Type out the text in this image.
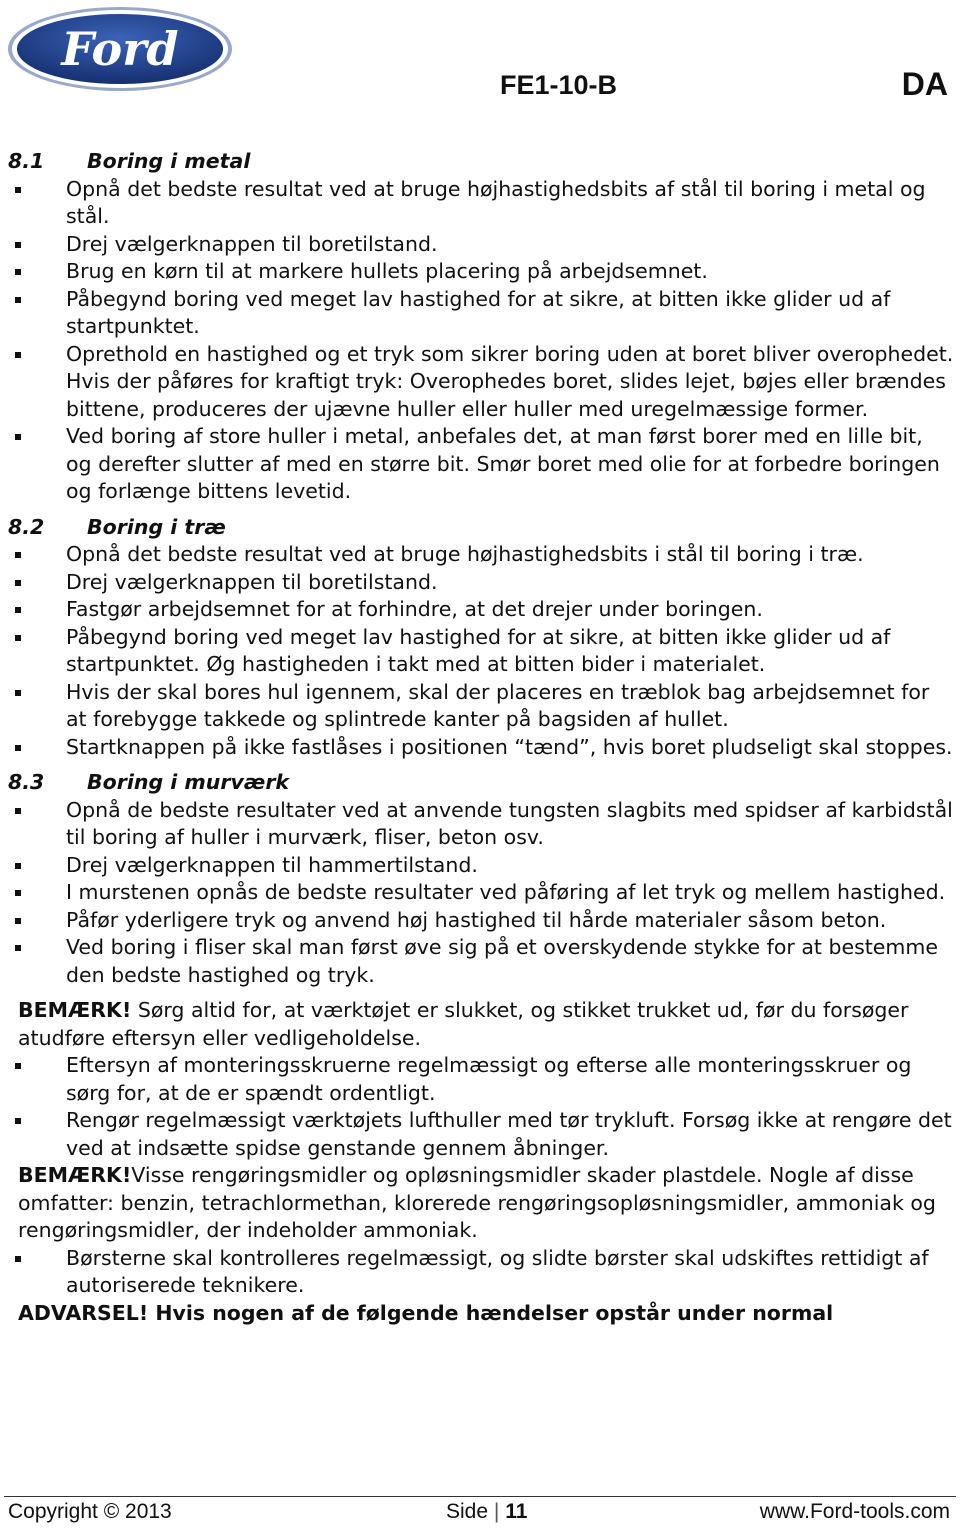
Ford
FE1-10-B	DA
8.1 Boring i metal
Opnå det bedste resultat ved at bruge højhastighedsbits af stål til boring i metal og stål.
Drej vælgerknappen til boretilstand.
Brug en kørn til at markere hullets placering på arbejdsemnet.
Påbegynd boring ved meget lav hastighed for at sikre, at bitten ikke glider ud af startpunktet.
Oprethold en hastighed og et tryk som sikrer boring uden at boret bliver overophedet. Hvis der påføres for kraftigt tryk: Overophedes boret, slides lejet, bøjes eller brændes bittene, produceres der ujævne huller eller huller med uregelmæssige former.
Ved boring af store huller i metal, anbefales det, at man først borer med en lille bit, og derefter slutter af med en større bit. Smør boret med olie for at forbedre boringen og forlænge bittens levetid.
8.2 Boring i træ
Opnå det bedste resultat ved at bruge højhastighedsbits i stål til boring i træ.
Drej vælgerknappen til boretilstand.
Fastgør arbejdsemnet for at forhindre, at det drejer under boringen.
Påbegynd boring ved meget lav hastighed for at sikre, at bitten ikke glider ud af startpunktet. Øg hastigheden i takt med at bitten bider i materialet.
Hvis der skal bores hul igennem, skal der placeres en træblok bag arbejdsemnet for at forebygge takkede og splintrede kanter på bagsiden af hullet.
Startknappen på ikke fastlåses i positionen “tænd”, hvis boret pludseligt skal stoppes.
8.3 Boring i murværk
Opnå de bedste resultater ved at anvende tungsten slagbits med spidser af karbidstål til boring af huller i murværk, fliser, beton osv.
Drej vælgerknappen til hammertilstand.
I murstenen opnås de bedste resultater ved påføring af let tryk og mellem hastighed.
Påfør yderligere tryk og anvend høj hastighed til hårde materialer såsom beton.
Ved boring i fliser skal man først øve sig på et overskydende stykke for at bestemme den bedste hastighed og tryk.

BEMÆRK! Sørg altid for, at værktøjet er slukket, og stikket trukket ud, før du forsøger atudføre eftersyn eller vedligeholdelse.

Eftersyn af monteringsskruerne regelmæssigt og efterse alle monteringsskruer og sørg for, at de er spændt ordentligt.
Rengør regelmæssigt værktøjets lufthuller med tør trykluft. Forsøg ikke at rengøre det ved at indsætte spidse genstande gennem åbninger.

BEMÆRK!Visse rengøringsmidler og opløsningsmidler skader plastdele. Nogle af disse omfatter: benzin, tetrachlormethan, klorerede rengøringsopløsningsmidler, ammoniak og rengøringsmidler, der indeholder ammoniak.

Børsterne skal kontrolleres regelmæssigt, og slidte børster skal udskiftes rettidigt af autoriserede teknikere.
ADVARSEL! Hvis nogen af de følgende hændelser opstår under normal
Copyright © 2013	Side | 11	www.Ford-tools.com
